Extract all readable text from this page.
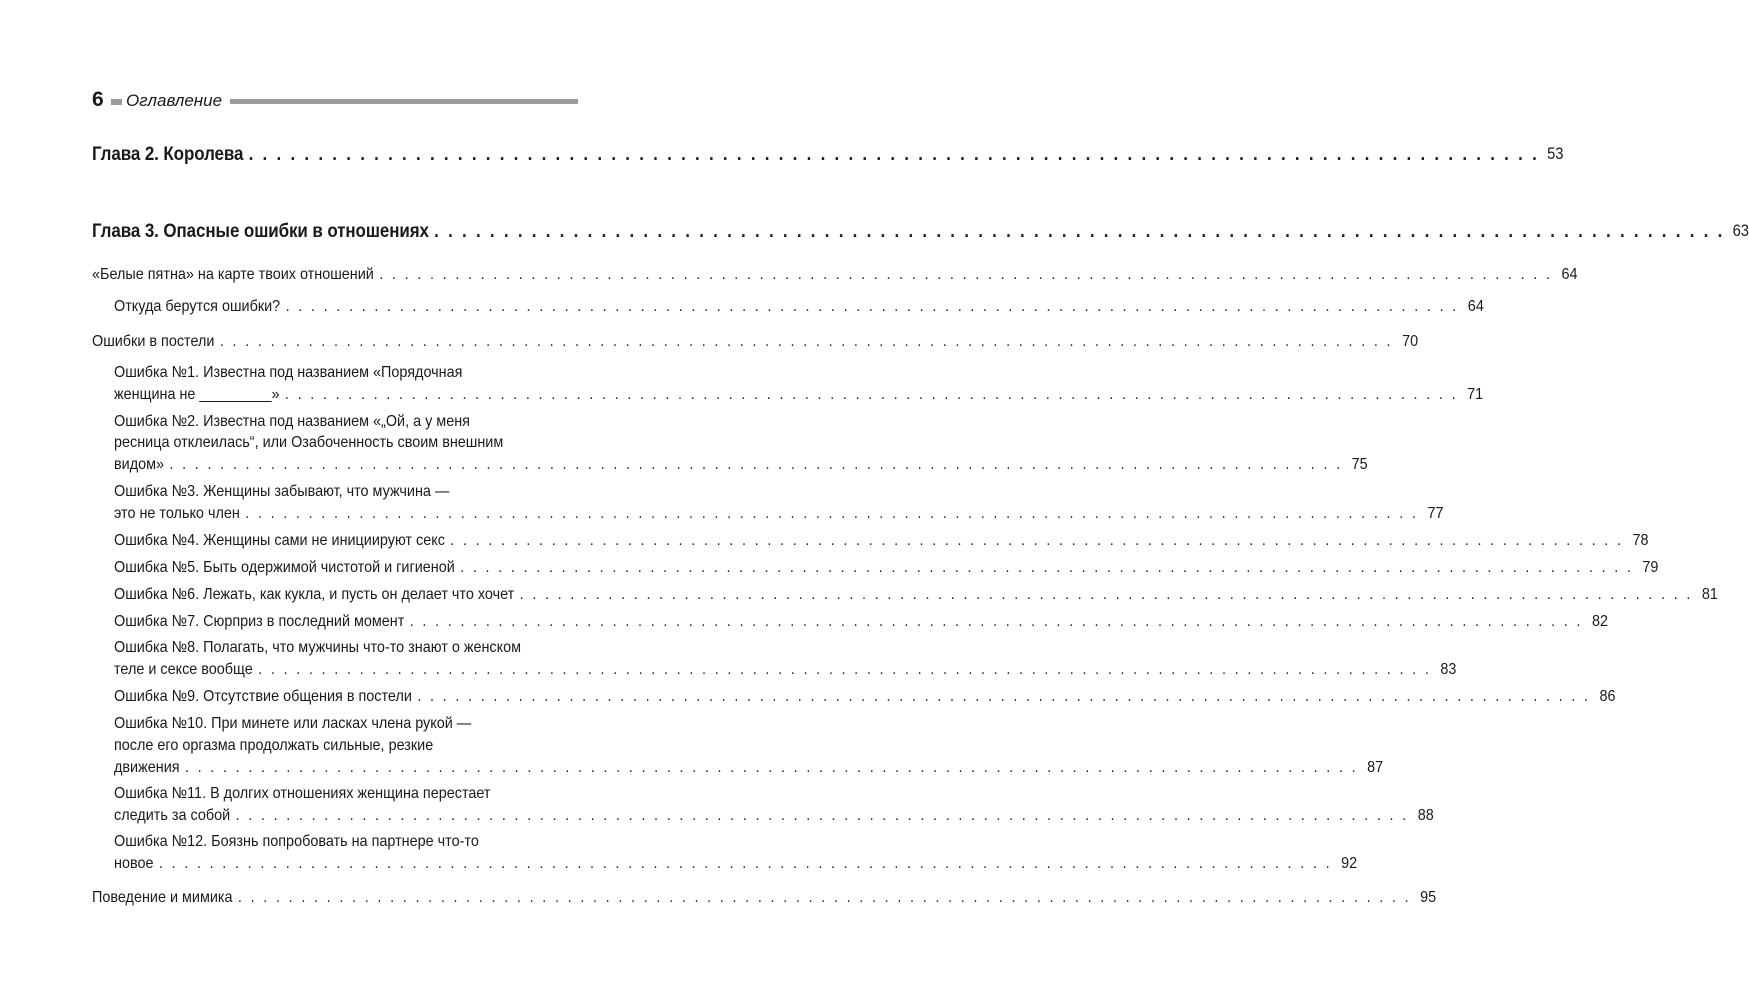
6 Оглавление
Глава 2. Королева . . . . . . . . . . . . . . . . . . . . . . . . . . . . . . . . . . . . . . . . . . . . . . . . . . . . . . . . . . . . . . . . . . . . . . . . . . . . . . . . . . . . . . . . . . . . . 53
Глава 3. Опасные ошибки в отношениях . . . . . . . . . . . . . . . . . . . . . . . . . . . . . . . . . . . . . . . . . . . . . . . . . . . . . . . . . . . . . . . . . . . . . . . . . . . . . . . . . . . . . . . . . . . . . 63
«Белые пятна» на карте твоих отношений . . . . . . . . . . . . . . . . . . . . . . . . . . . . . . . . . . . . . . . . . . . . . . . . . . . . . . . . . . . . . . . . . . . . . . . . . . . . . . . . . . . . . . . . . . . . . 64
Откуда берутся ошибки? . . . . . . . . . . . . . . . . . . . . . . . . . . . . . . . . . . . . . . . . . . . . . . . . . . . . . . . . . . . . . . . . . . . . . . . . . . . . . . . . . . . . . . . . . . . . . 64
Ошибки в постели . . . . . . . . . . . . . . . . . . . . . . . . . . . . . . . . . . . . . . . . . . . . . . . . . . . . . . . . . . . . . . . . . . . . . . . . . . . . . . . . . . . . . . . . . . . . . 70
Ошибка №1. Известна под названием «Порядочная
женщина не _________» . . . . . . . . . . . . . . . . . . . . . . . . . . . . . . . . . . . . . . . . . . . . . . . . . . . . . . . . . . . . . . . . . . . . . . . . . . . . . . . . . . . . . . . . . . . . . 71
Ошибка №2. Известна под названием «„Ой, а у меня
ресница отклеилась“, или Озабоченность своим внешним
видом» . . . . . . . . . . . . . . . . . . . . . . . . . . . . . . . . . . . . . . . . . . . . . . . . . . . . . . . . . . . . . . . . . . . . . . . . . . . . . . . . . . . . . . . . . . . . . 75
Ошибка №3. Женщины забывают, что мужчина —
это не только член . . . . . . . . . . . . . . . . . . . . . . . . . . . . . . . . . . . . . . . . . . . . . . . . . . . . . . . . . . . . . . . . . . . . . . . . . . . . . . . . . . . . . . . . . . . . . 77
Ошибка №4. Женщины сами не инициируют секс . . . . . . . . . . . . . . . . . . . . . . . . . . . . . . . . . . . . . . . . . . . . . . . . . . . . . . . . . . . . . . . . . . . . . . . . . . . . . . . . . . . . . . . . . . . . . 78
Ошибка №5. Быть одержимой чистотой и гигиеной . . . . . . . . . . . . . . . . . . . . . . . . . . . . . . . . . . . . . . . . . . . . . . . . . . . . . . . . . . . . . . . . . . . . . . . . . . . . . . . . . . . . . . . . . . . . . 79
Ошибка №6. Лежать, как кукла, и пусть он делает что хочет . . . . . . . . . . . . . . . . . . . . . . . . . . . . . . . . . . . . . . . . . . . . . . . . . . . . . . . . . . . . . . . . . . . . . . . . . . . . . . . . . . . . . . . . . . . . . 81
Ошибка №7. Сюрприз в последний момент . . . . . . . . . . . . . . . . . . . . . . . . . . . . . . . . . . . . . . . . . . . . . . . . . . . . . . . . . . . . . . . . . . . . . . . . . . . . . . . . . . . . . . . . . . . . . 82
Ошибка №8. Полагать, что мужчины что-то знают о женском
теле и сексе вообще . . . . . . . . . . . . . . . . . . . . . . . . . . . . . . . . . . . . . . . . . . . . . . . . . . . . . . . . . . . . . . . . . . . . . . . . . . . . . . . . . . . . . . . . . . . . . 83
Ошибка №9. Отсутствие общения в постели . . . . . . . . . . . . . . . . . . . . . . . . . . . . . . . . . . . . . . . . . . . . . . . . . . . . . . . . . . . . . . . . . . . . . . . . . . . . . . . . . . . . . . . . . . . . . 86
Ошибка №10. При минете или ласках члена рукой —
после его оргазма продолжать сильные, резкие
движения . . . . . . . . . . . . . . . . . . . . . . . . . . . . . . . . . . . . . . . . . . . . . . . . . . . . . . . . . . . . . . . . . . . . . . . . . . . . . . . . . . . . . . . . . . . . . 87
Ошибка №11. В долгих отношениях женщина перестает
следить за собой . . . . . . . . . . . . . . . . . . . . . . . . . . . . . . . . . . . . . . . . . . . . . . . . . . . . . . . . . . . . . . . . . . . . . . . . . . . . . . . . . . . . . . . . . . . . . 88
Ошибка №12. Боязнь попробовать на партнере что-то
новое . . . . . . . . . . . . . . . . . . . . . . . . . . . . . . . . . . . . . . . . . . . . . . . . . . . . . . . . . . . . . . . . . . . . . . . . . . . . . . . . . . . . . . . . . . . . . 92
Поведение и мимика . . . . . . . . . . . . . . . . . . . . . . . . . . . . . . . . . . . . . . . . . . . . . . . . . . . . . . . . . . . . . . . . . . . . . . . . . . . . . . . . . . . . . . . . . . . . . 95
